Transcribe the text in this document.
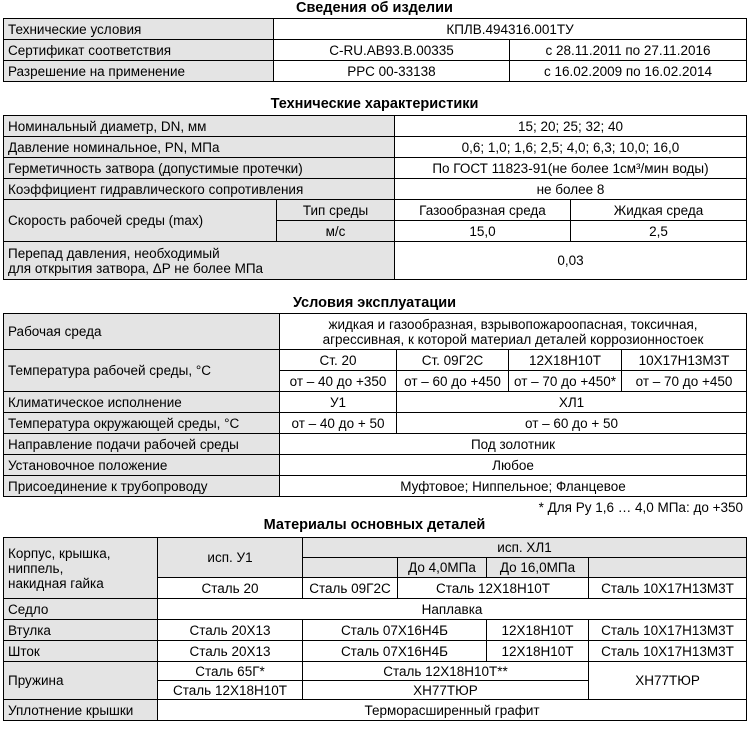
Сведения об изделии
Технические условия	КПЛВ.494316.001ТУ	
Сертификат соответствия	C-RU.АВ93.В.00335	с 28.11.2011 по 27.11.2016
Разрешение на применение	РРС 00-33138	с 16.02.2009 по 16.02.2014
Технические характеристики
Номинальный диаметр, DN, мм		15; 20; 25; 32; 40	
Давление номинальное, PN, МПа		0,6; 1,0; 1,6; 2,5; 4,0; 6,3; 10,0; 16,0	
Герметичность затвора (допустимые протечки)		По ГОСТ 11823-91(не более 1см³/мин воды)	
Коэффициент гидравлического сопротивления		не более 8	
Скорость рабочей среды (max)	Тип среды	Газообразная среда	Жидкая среда
	м/с	15,0	2,5

Перепад давления, необходимый
для открытия затвора, ΔP не более МПа		0,03	
Условия эксплуатации
Рабочая среда	жидкая и газообразная, взрывопожароопасная, токсичная,
агрессивная, к которой материал деталей коррозионностоек			

Температура рабочей среды, °С	Ст. 20	Ст. 09Г2С	12Х18Н10Т	10Х17Н13М3Т
	от – 40 до +350	от – 60 до +450	от – 70 до +450*	от – 70 до +450
Климатическое исполнение	У1	ХЛ1		
Температура окружающей среды, °С	от – 40 до + 50	от – 60 до + 50		
Направление подачи рабочей среды	Под золотник			
Установочное положение	Любое			
Присоединение к трубопроводу	Муфтовое; Ниппельное; Фланцевое			
* Для Ру 1,6 … 4,0 МПа: до +350
Материалы основных деталей
Корпус, крышка,
ниппель,
накидная гайка	исп. У1	исп. ХЛ1			
			До 4,0МПа	До 16,0МПа	
	Сталь 20	Сталь 09Г2С	Сталь 12Х18Н10Т		Сталь 10Х17Н13М3Т
Седло	Наплавка				
Втулка	Сталь 20Х13	Сталь 07Х16Н4Б		12Х18Н10Т	Сталь 10Х17Н13М3Т
Шток	Сталь 20Х13	Сталь 07Х16Н4Б		12Х18Н10Т	Сталь 10Х17Н13М3Т
Пружина	Сталь 65Г*	Сталь 12Х18Н10Т**			ХН77ТЮР
	Сталь 12Х18Н10Т	ХН77ТЮР			
Уплотнение крышки	Терморасширенный графит				
